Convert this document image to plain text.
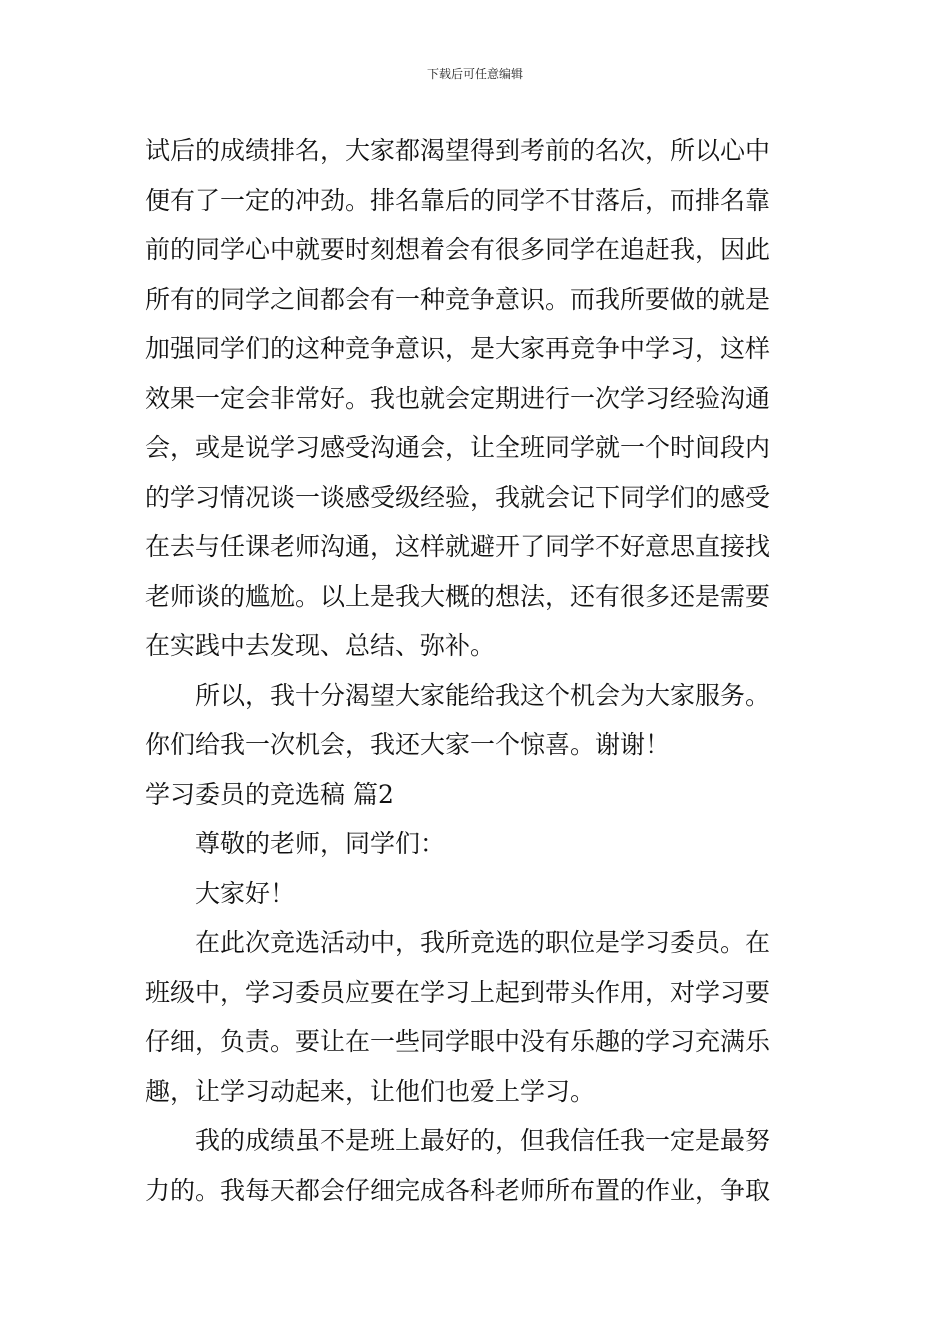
下载后可任意编辑
试后的成绩排名，大家都渴望得到考前的名次，所以心中
便有了一定的冲劲。排名靠后的同学不甘落后，而排名靠
前的同学心中就要时刻想着会有很多同学在追赶我，因此
所有的同学之间都会有一种竞争意识。而我所要做的就是
加强同学们的这种竞争意识，是大家再竞争中学习，这样
效果一定会非常好。我也就会定期进行一次学习经验沟通
会，或是说学习感受沟通会，让全班同学就一个时间段内
的学习情况谈一谈感受级经验，我就会记下同学们的感受
在去与任课老师沟通，这样就避开了同学不好意思直接找
老师谈的尴尬。以上是我大概的想法，还有很多还是需要
在实践中去发现、总结、弥补。
所以，我十分渴望大家能给我这个机会为大家服务。
你们给我一次机会，我还大家一个惊喜。谢谢！
学习委员的竞选稿 篇2
尊敬的老师，同学们：
大家好！
在此次竞选活动中，我所竞选的职位是学习委员。在
班级中，学习委员应要在学习上起到带头作用，对学习要
仔细，负责。要让在一些同学眼中没有乐趣的学习充满乐
趣，让学习动起来，让他们也爱上学习。
我的成绩虽不是班上最好的，但我信任我一定是最努
力的。我每天都会仔细完成各科老师所布置的作业，争取
